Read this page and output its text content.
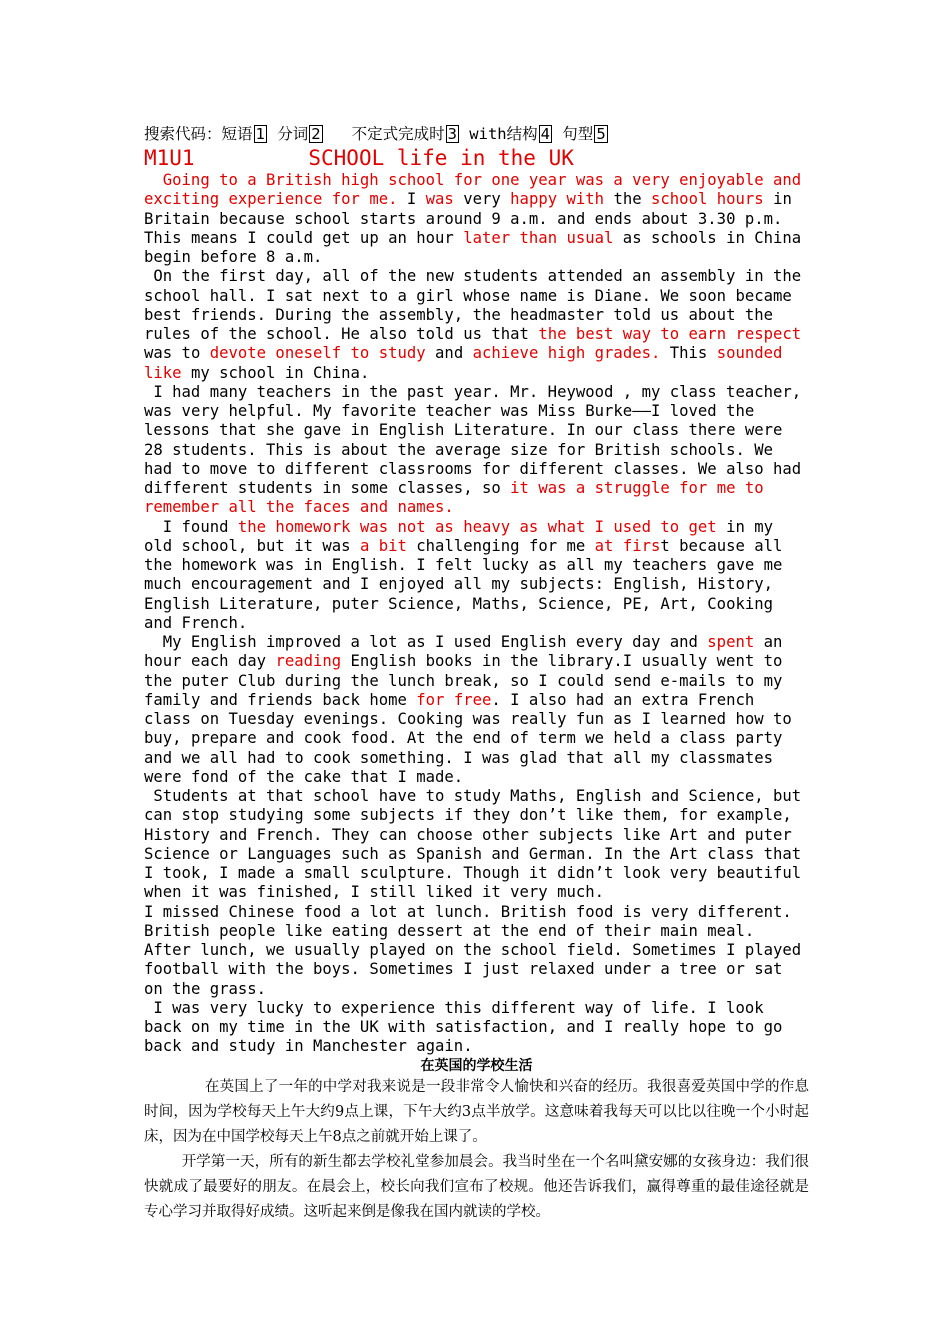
搜索代码：短语 1 分词 2 不定式完成时 3 with结构 4 句型 5
M1U1	SCHOOL life in the UK

Going to a British high school for one year was a very enjoyable and exciting experience for me. I was very happy with the school hours in Britain because school starts around 9 a.m. and ends about 3.30 p.m. This means I could get up an hour later than usual as schools in China begin before 8 a.m.

On the first day, all of the new students attended an assembly in the school hall. I sat next to a girl whose name is Diane. We soon became best friends. During the assembly, the headmaster told us about the rules of the school. He also told us that the best way to earn respect was to devote oneself to study and achieve high grades. This sounded like my school in China.

I had many teachers in the past year. Mr. Heywood , my class teacher, was very helpful. My favorite teacher was Miss Burke——I loved the lessons that she gave in English Literature. In our class there were 28 students. This is about the average size for British schools. We had to move to different classrooms for different classes. We also had different students in some classes, so it was a struggle for me to remember all the faces and names.

I found the homework was not as heavy as what I used to get in my old school, but it was a bit challenging for me at first because all the homework was in English. I felt lucky as all my teachers gave me much encouragement and I enjoyed all my subjects: English, History, English Literature, puter Science, Maths, Science, PE, Art, Cooking and French.

My English improved a lot as I used English every day and spent an hour each day reading English books in the library.I usually went to the puter Club during the lunch break, so I could send e-mails to my family and friends back home for free. I also had an extra French class on Tuesday evenings. Cooking was really fun as I learned how to buy, prepare and cook food. At the end of term we held a class party and we all had to cook something. I was glad that all my classmates were fond of the cake that I made.

Students at that school have to study Maths, English and Science, but can stop studying some subjects if they don’t like them, for example, History and French. They can choose other subjects like Art and puter Science or Languages such as Spanish and German. In the Art class that I took, I made a small sculpture. Though it didn’t look very beautiful when it was finished, I still liked it very much.

I missed Chinese food a lot at lunch. British food is very different. British people like eating dessert at the end of their main meal. After lunch, we usually played on the school field. Sometimes I played football with the boys. Sometimes I just relaxed under a tree or sat on the grass.

I was very lucky to experience this different way of life. I look back on my time in the UK with satisfaction, and I really hope to go back and study in Manchester again.

在英国的学校生活

在英国上了一年的中学对我来说是一段非常令人愉快和兴奋的经历。我很喜爱英国中学的作息时间，因为学校每天上午大约9点上课，下午大约3点半放学。这意味着我每天可以比以往晚一个小时起床，因为在中国学校每天上午8点之前就开始上课了。

开学第一天，所有的新生都去学校礼堂参加晨会。我当时坐在一个名叫黛安娜的女孩身边：我们很快就成了最要好的朋友。在晨会上，校长向我们宣布了校规。他还告诉我们，赢得尊重的最佳途径就是专心学习并取得好成绩。这听起来倒是像我在国内就读的学校。
